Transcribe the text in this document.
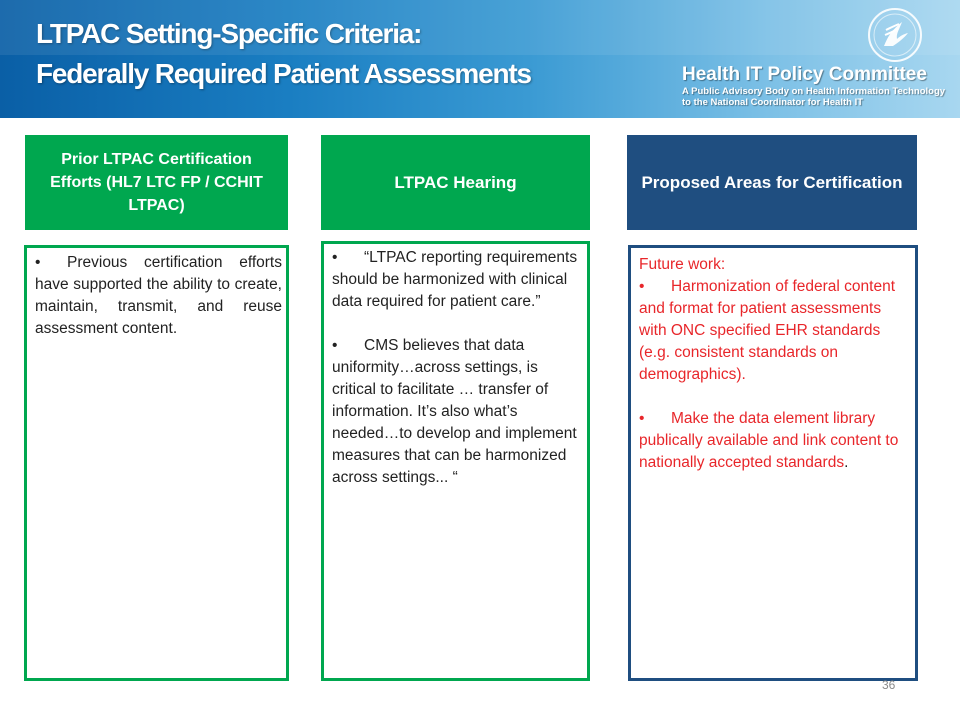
LTPAC Setting-Specific Criteria:
Federally Required Patient Assessments	Health IT Policy Committee
A Public Advisory Body on Health Information Technology
to the National Coordinator for Health IT
Prior LTPAC Certification Efforts (HL7 LTC FP / CCHIT LTPAC)
LTPAC Hearing	Proposed Areas for Certification
• Previous certification efforts have supported the ability to create, maintain, transmit, and reuse assessment content.
• “LTPAC reporting requirements should be harmonized with clinical data required for patient care.”
• CMS believes that data uniformity…across settings, is critical to facilitate … transfer of information. It’s also what’s needed…to develop and implement measures that can be harmonized across settings... “
Future work:
• Harmonization of federal content and format for patient assessments with ONC specified EHR standards (e.g. consistent standards on demographics).
• Make the data element library publically available and link content to nationally accepted standards.
36
